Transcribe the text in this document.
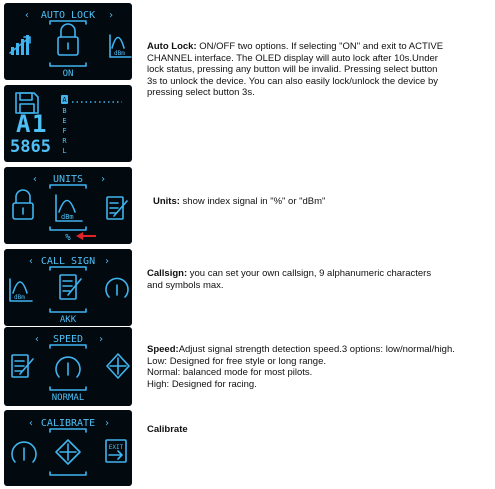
‹	›
AUTO LOCK
dBm
ON
A 1
5865
A
B
E
F
R
L
‹	›
UNITS
dBm
%
‹	›
CALL SIGN
dBm
AKK
‹	›
SPEED
NORMAL
‹	›
CALIBRATE
EXIT
Auto Lock: ON/OFF two options. If selecting "ON" and exit to ACTIVE CHANNEL interface. The OLED display will auto lock after 10s.Under lock status, pressing any button will be invalid. Pressing select button 3s to unlock the device. You can also easily lock/unlock the device by pressing select button 3s.
Units: show index signal in "%" or "dBm"
Callsign: you can set your own callsign, 9 alphanumeric characters and symbols max.
Speed:Adjust signal strength detection speed.3 options: low/normal/high.
Low: Designed for free style or long range.
Normal: balanced mode for most pilots.
High: Designed for racing.
Calibrate
